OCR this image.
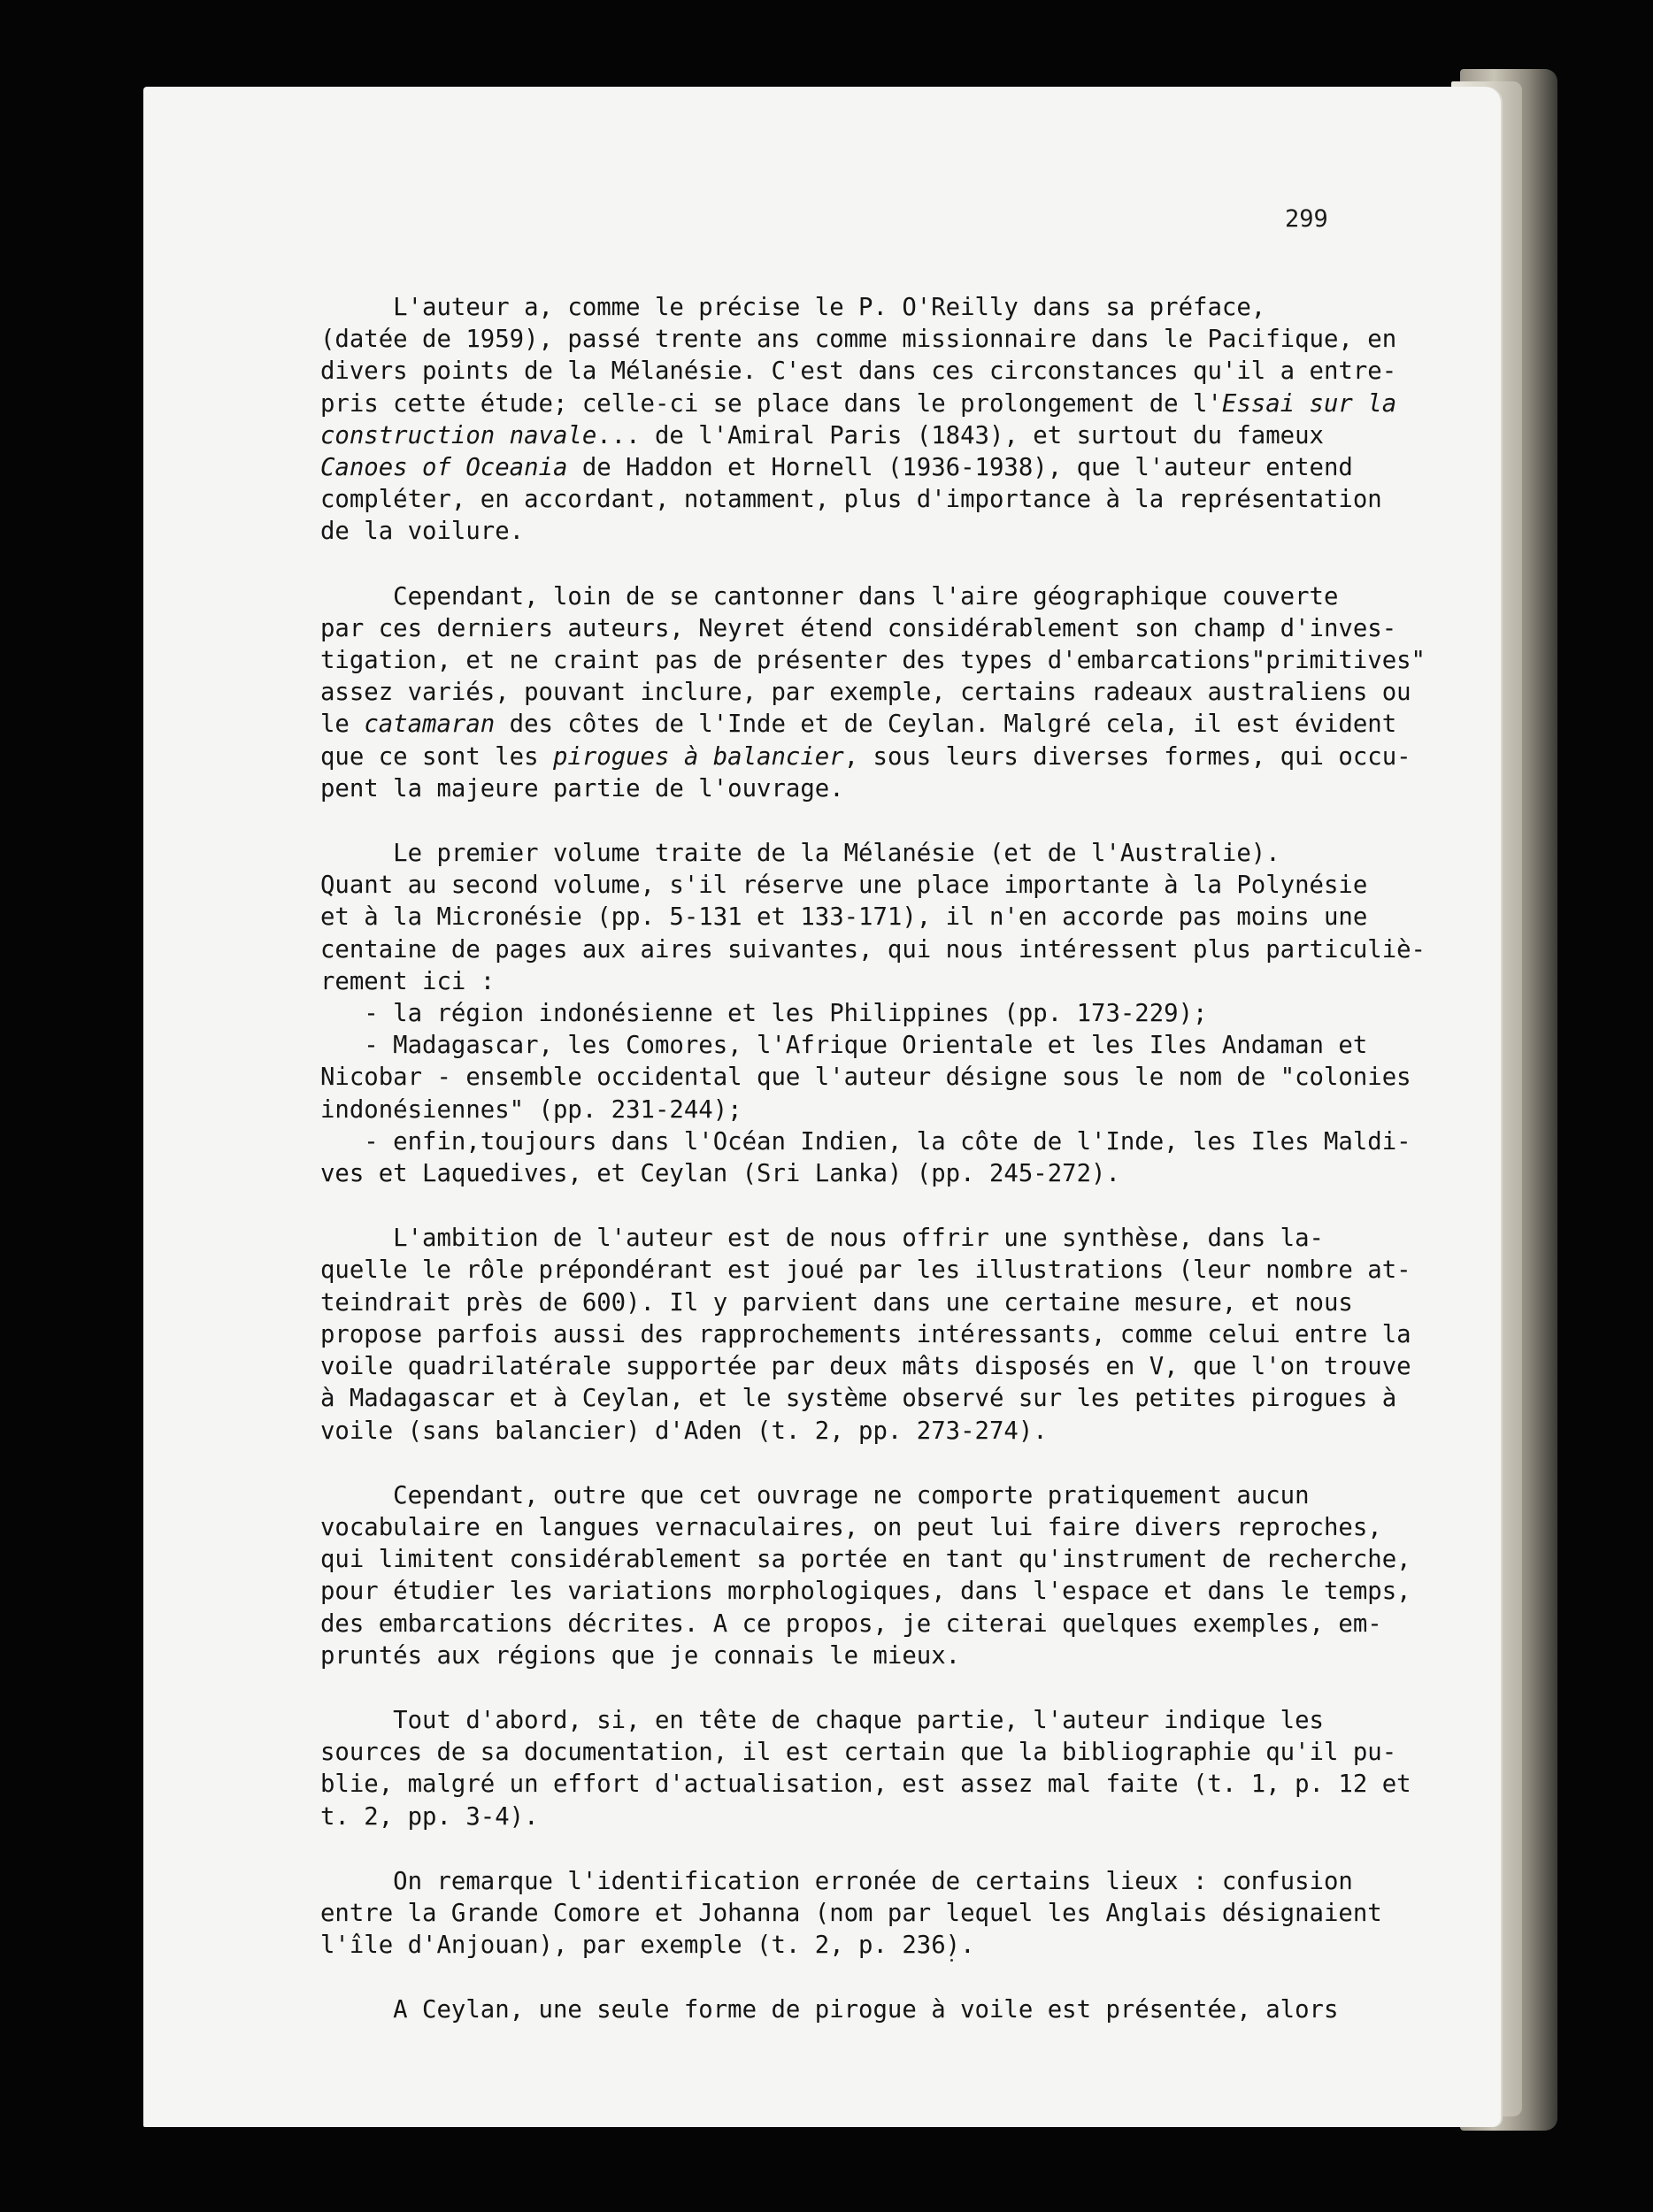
299

L'auteur a, comme le précise le P. O'Reilly dans sa préface,
(datée de 1959), passé trente ans comme missionnaire dans le Pacifique, en
divers points de la Mélanésie. C'est dans ces circonstances qu'il a entre-
pris cette étude; celle-ci se place dans le prolongement de l'Essai sur la
construction navale... de l'Amiral Paris (1843), et surtout du fameux
Canoes of Oceania de Haddon et Hornell (1936-1938), que l'auteur entend
compléter, en accordant, notamment, plus d'importance à la représentation
de la voilure.

Cependant, loin de se cantonner dans l'aire géographique couverte
par ces derniers auteurs, Neyret étend considérablement son champ d'inves-
tigation, et ne craint pas de présenter des types d'embarcations"primitives"
assez variés, pouvant inclure, par exemple, certains radeaux australiens ou
le catamaran des côtes de l'Inde et de Ceylan. Malgré cela, il est évident
que ce sont les pirogues à balancier, sous leurs diverses formes, qui occu-
pent la majeure partie de l'ouvrage.

Le premier volume traite de la Mélanésie (et de l'Australie).
Quant au second volume, s'il réserve une place importante à la Polynésie
et à la Micronésie (pp. 5-131 et 133-171), il n'en accorde pas moins une
centaine de pages aux aires suivantes, qui nous intéressent plus particuliè-
rement ici :
- la région indonésienne et les Philippines (pp. 173-229);
- Madagascar, les Comores, l'Afrique Orientale et les Iles Andaman et
Nicobar - ensemble occidental que l'auteur désigne sous le nom de "colonies
indonésiennes" (pp. 231-244);
- enfin,toujours dans l'Océan Indien, la côte de l'Inde, les Iles Maldi-
ves et Laquedives, et Ceylan (Sri Lanka) (pp. 245-272).

L'ambition de l'auteur est de nous offrir une synthèse, dans la-
quelle le rôle prépondérant est joué par les illustrations (leur nombre at-
teindrait près de 600). Il y parvient dans une certaine mesure, et nous
propose parfois aussi des rapprochements intéressants, comme celui entre la
voile quadrilatérale supportée par deux mâts disposés en V, que l'on trouve
à Madagascar et à Ceylan, et le système observé sur les petites pirogues à
voile (sans balancier) d'Aden (t. 2, pp. 273-274).

Cependant, outre que cet ouvrage ne comporte pratiquement aucun
vocabulaire en langues vernaculaires, on peut lui faire divers reproches,
qui limitent considérablement sa portée en tant qu'instrument de recherche,
pour étudier les variations morphologiques, dans l'espace et dans le temps,
des embarcations décrites. A ce propos, je citerai quelques exemples, em-
pruntés aux régions que je connais le mieux.

Tout d'abord, si, en tête de chaque partie, l'auteur indique les
sources de sa documentation, il est certain que la bibliographie qu'il pu-
blie, malgré un effort d'actualisation, est assez mal faite (t. 1, p. 12 et
t. 2, pp. 3-4).

On remarque l'identification erronée de certains lieux : confusion
entre la Grande Comore et Johanna (nom par lequel les Anglais désignaient
l'île d'Anjouan), par exemple (t. 2, p. 236).

A Ceylan, une seule forme de pirogue à voile est présentée, alors
